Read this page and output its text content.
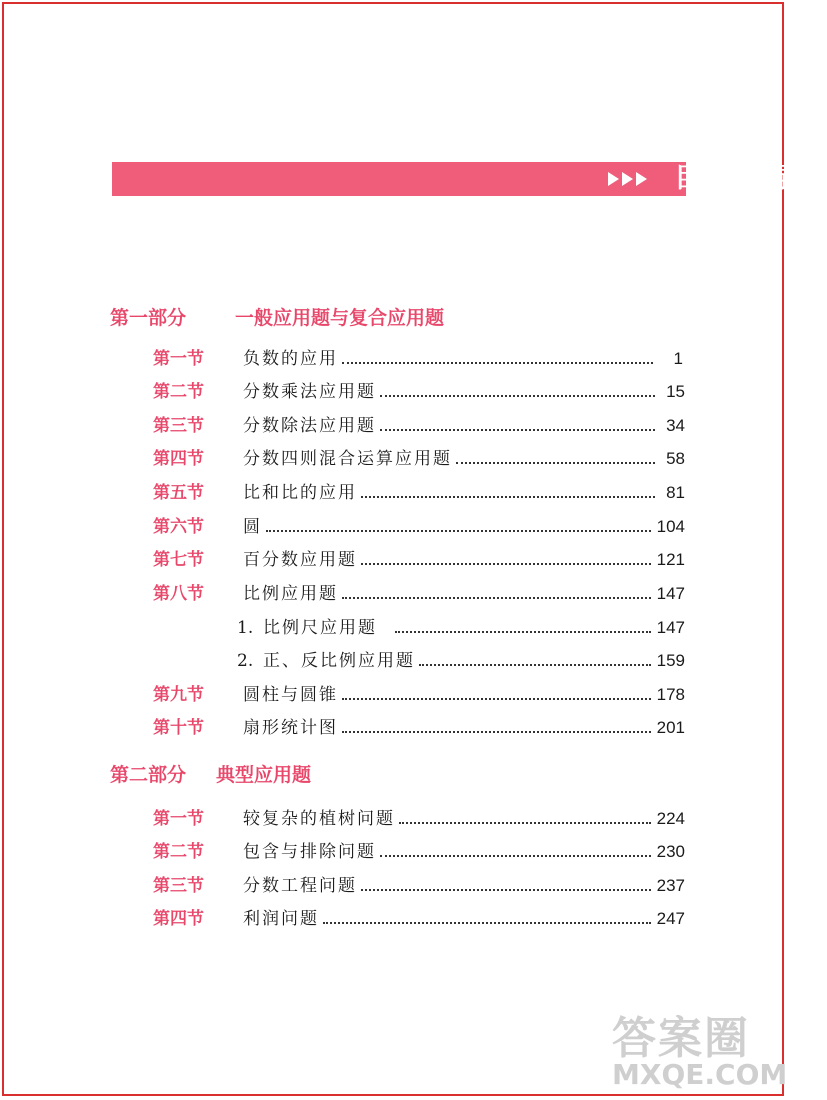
目 录
第一部分	一般应用题与复合应用题
第一节	负数的应用	1
第二节	分数乘法应用题	15
第三节	分数除法应用题	34
第四节	分数四则混合运算应用题	58
第五节	比和比的应用	81
第六节	圆	104
第七节	百分数应用题	121
第八节	比例应用题	147
1. 比例尺应用题	147
2. 正、反比例应用题	159
第九节	圆柱与圆锥	178
第十节	扇形统计图	201
第二部分 典型应用题
第一节	较复杂的植树问题	224
第二节	包含与排除问题	230
第三节	分数工程问题	237
第四节	利润问题	247
答案圈
MXQE.COM
